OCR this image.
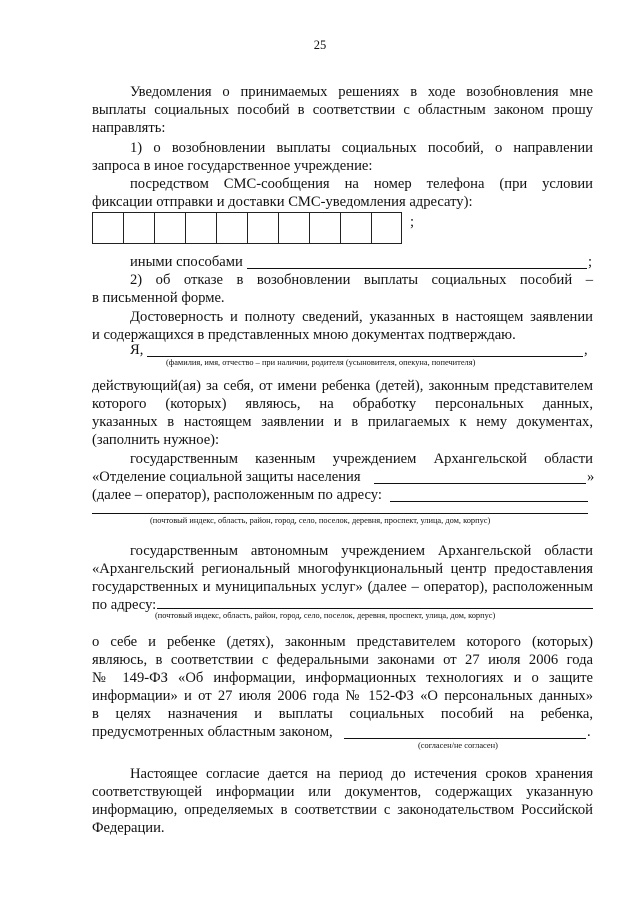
25
Уведомления о принимаемых решениях в ходе возобновления мне
выплаты социальных пособий в соответствии с областным законом прошу
направлять:
1) о возобновлении выплаты социальных пособий, о направлении
запроса в иное государственное учреждение:
посредством СМС-сообщения на номер телефона (при условии
фиксации отправки и доставки СМС-уведомления адресату):
;
иными способами	;
2) об отказе в возобновлении выплаты социальных пособий –
в письменной форме.
Достоверность и полноту сведений, указанных в настоящем заявлении
и содержащихся в представленных мною документах подтверждаю.
Я,	,
(фамилия, имя, отчество – при наличии, родителя (усыновителя, опекуна, попечителя)
действующий(ая) за себя, от имени ребенка (детей), законным представителем
которого (которых) являюсь, на обработку персональных данных,
указанных в настоящем заявлении и в прилагаемых к нему документах,
(заполнить нужное):
государственным казенным учреждением Архангельской области
«Отделение социальной защиты населения	»
(далее – оператор), расположенным по адресу:
(почтовый индекс, область, район, город, село, поселок, деревня, проспект, улица, дом, корпус)
государственным автономным учреждением Архангельской области
«Архангельский региональный многофункциональный центр предоставления
государственных и муниципальных услуг» (далее – оператор), расположенным
по адресу:
(почтовый индекс, область, район, город, село, поселок, деревня, проспект, улица, дом, корпус)
о себе и ребенке (детях), законным представителем которого (которых)
являюсь, в соответствии с федеральными законами от 27 июля 2006 года
№ 149-ФЗ «Об информации, информационных технологиях и о защите
информации» и от 27 июля 2006 года № 152-ФЗ «О персональных данных»
в целях назначения и выплаты социальных пособий на ребенка,
предусмотренных областным законом,	.
(согласен/не согласен)
Настоящее согласие дается на период до истечения сроков хранения
соответствующей информации или документов, содержащих указанную
информацию, определяемых в соответствии с законодательством Российской
Федерации.
